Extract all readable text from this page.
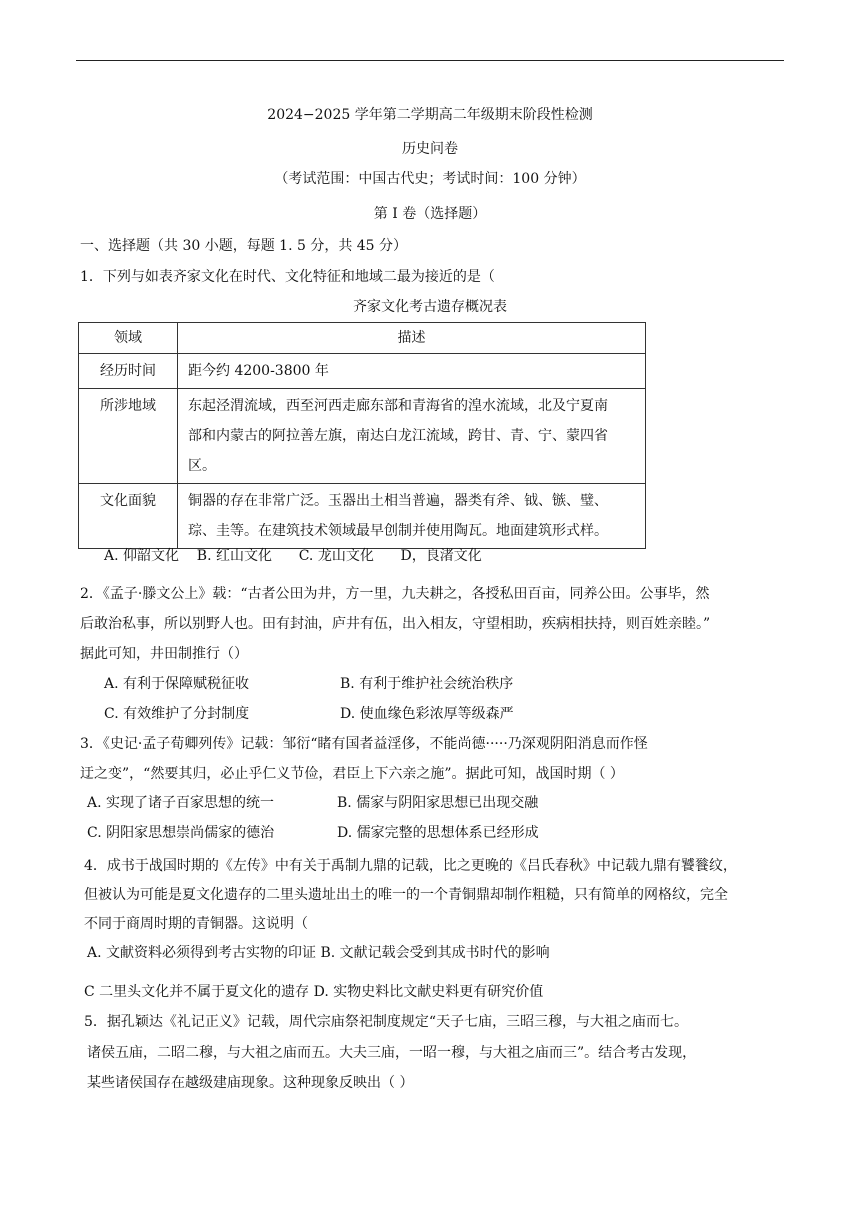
2024−2025 学年第二学期高二年级期末阶段性检测
历史问卷
（考试范围：中国古代史；考试时间：100 分钟）
第 I 卷（选择题）
一、选择题（共 30 小题，每题 1. 5 分，共 45 分）
1．下列与如表齐家文化在时代、文化特征和地域二最为接近的是（
齐家文化考古遗存概况表
领域	描述
经历时间	距今约 4200-3800 年

所涉地域	东起泾渭流域，西至河西走廊东部和青海省的湟水流域，北及宁夏南
部和内蒙古的阿拉善左旗，南达白龙江流域，跨甘、青、宁、蒙四省
区。

文化面貌	铜器的存在非常广泛。玉器出土相当普遍，器类有斧、钺、镞、璧、
琮、圭等。在建筑技术领域最早创制并使用陶瓦。地面建筑形式样。
A. 仰韶文化    B. 红山文化      C. 龙山文化      D，良渚文化
2．《孟子·滕文公上》载：“古者公田为井，方一里，九夫耕之，各授私田百亩，同养公田。公事毕，然
后敢治私事，所以别野人也。田有封油，庐井有伍，出入相友，守望相助，疾病相扶持，则百姓亲睦。”
据此可知，井田制推行（）
A. 有利于保障赋税征收	B. 有利于维护社会统治秩序
C. 有效维护了分封制度	D. 使血缘色彩浓厚等级森严
3．《史记·孟子荀卿列传》记载：邹衍“睹有国者益淫侈，不能尚德·····乃深观阴阳消息而作怪
迂之变”，“然要其归，必止乎仁义节俭，君臣上下六亲之施”。据此可知，战国时期（ ）
A. 实现了诸子百家思想的统一	B. 儒家与阴阳家思想已出现交融
C. 阴阳家思想崇尚儒家的德治	D. 儒家完整的思想体系已经形成
4．成书于战国时期的《左传》中有关于禹制九鼎的记载，比之更晚的《吕氏春秋》中记载九鼎有饕餮纹，
但被认为可能是夏文化遗存的二里头遗址出土的唯一的一个青铜鼎却制作粗糙，只有简单的网格纹，完全
不同于商周时期的青铜器。这说明（
A. 文献资料必须得到考古实物的印证 B. 文献记载会受到其成书时代的影响
C 二里头文化并不属于夏文化的遗存 D. 实物史料比文献史料更有研究价值
5．据孔颖达《礼记正义》记载，周代宗庙祭祀制度规定“天子七庙，三昭三穆，与大祖之庙而七。
诸侯五庙，二昭二穆，与大祖之庙而五。大夫三庙，一昭一穆，与大祖之庙而三”。结合考古发现，
某些诸侯国存在越级建庙现象。这种现象反映出（ ）
